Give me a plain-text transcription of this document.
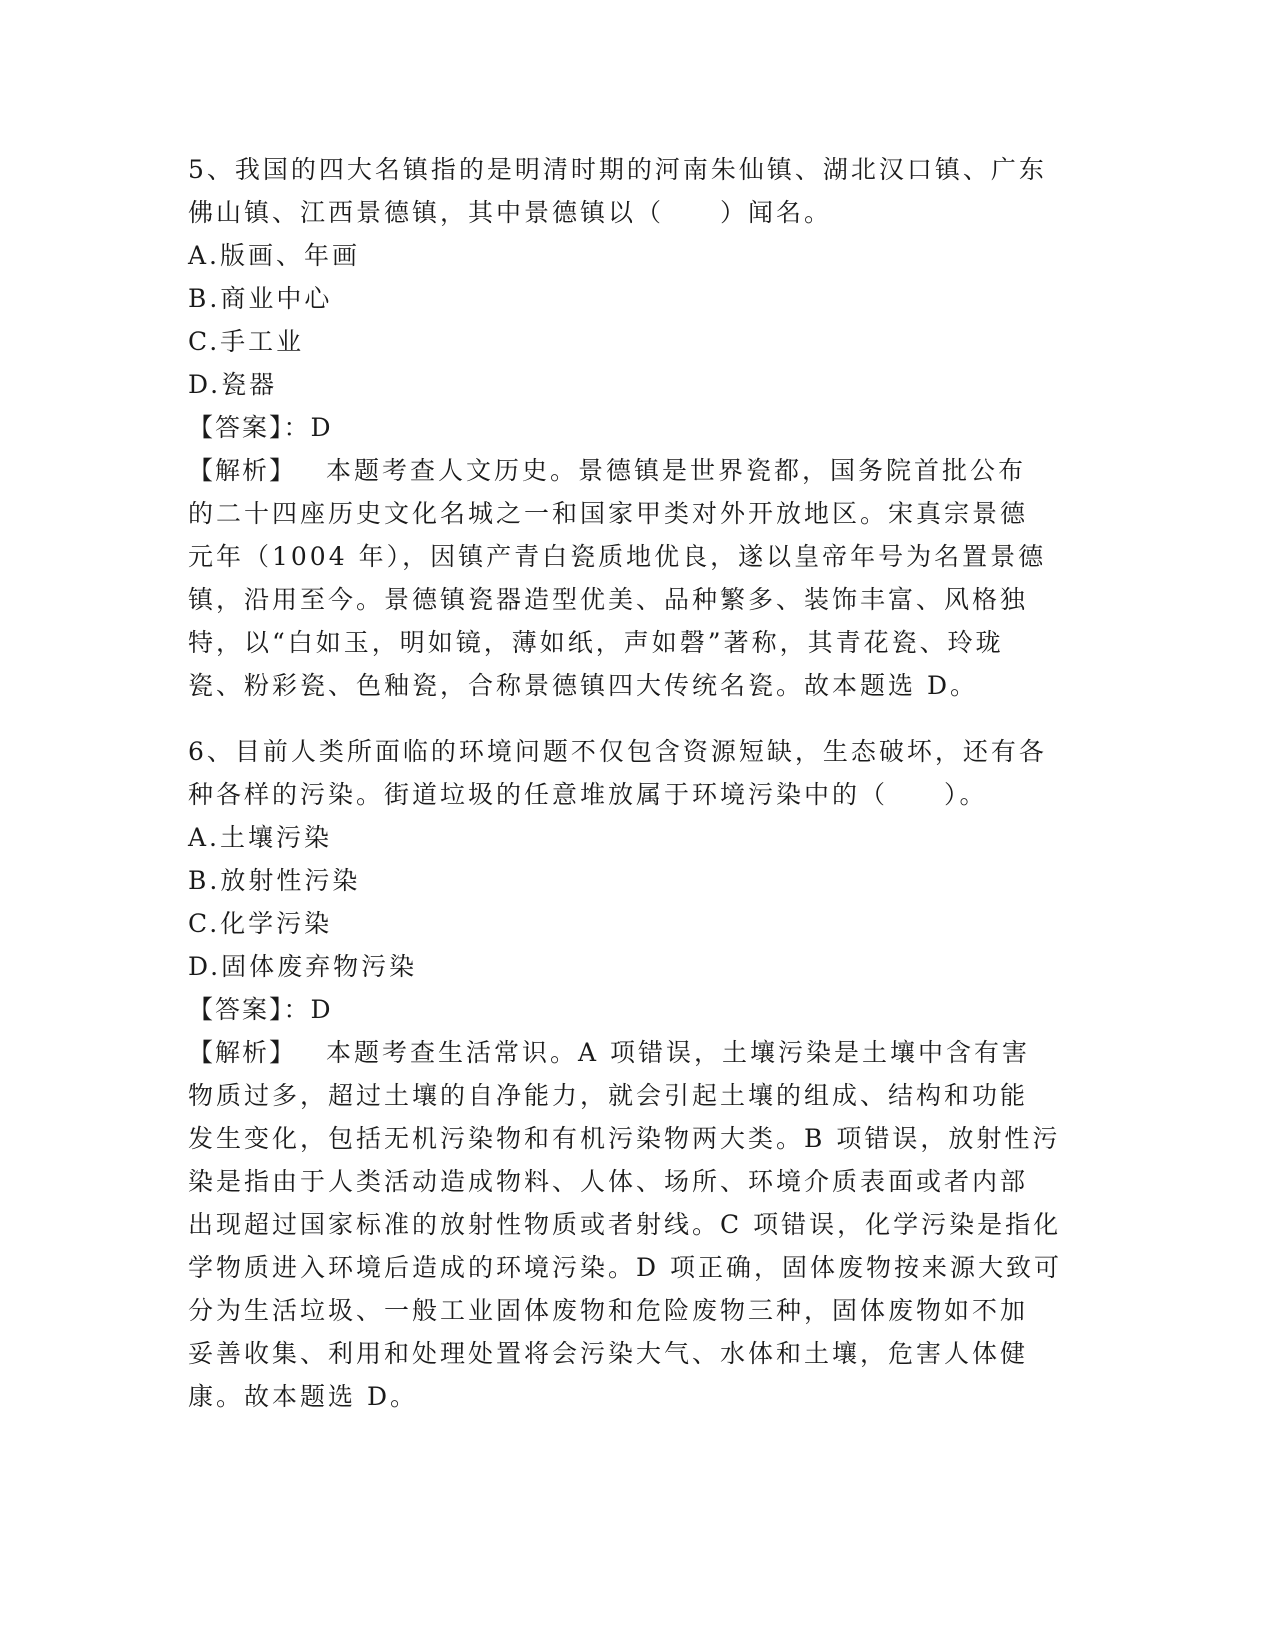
5、我国的四大名镇指的是明清时期的河南朱仙镇、湖北汉口镇、广东
佛山镇、江西景德镇，其中景德镇以（　　）闻名。
A.版画、年画
B.商业中心
C.手工业
D.瓷器
【答案】：D
【解析】 本题考查人文历史。景德镇是世界瓷都，国务院首批公布
的二十四座历史文化名城之一和国家甲类对外开放地区。宋真宗景德
元年（1004 年），因镇产青白瓷质地优良，遂以皇帝年号为名置景德
镇，沿用至今。景德镇瓷器造型优美、品种繁多、装饰丰富、风格独
特，以“白如玉，明如镜，薄如纸，声如磬”著称，其青花瓷、玲珑
瓷、粉彩瓷、色釉瓷，合称景德镇四大传统名瓷。故本题选 D。
6、目前人类所面临的环境问题不仅包含资源短缺，生态破坏，还有各
种各样的污染。街道垃圾的任意堆放属于环境污染中的（　　）。
A.土壤污染
B.放射性污染
C.化学污染
D.固体废弃物污染
【答案】：D
【解析】 本题考查生活常识。A 项错误，土壤污染是土壤中含有害
物质过多，超过土壤的自净能力，就会引起土壤的组成、结构和功能
发生变化，包括无机污染物和有机污染物两大类。B 项错误，放射性污
染是指由于人类活动造成物料、人体、场所、环境介质表面或者内部
出现超过国家标准的放射性物质或者射线。C 项错误，化学污染是指化
学物质进入环境后造成的环境污染。D 项正确，固体废物按来源大致可
分为生活垃圾、一般工业固体废物和危险废物三种，固体废物如不加
妥善收集、利用和处理处置将会污染大气、水体和土壤，危害人体健
康。故本题选 D。
